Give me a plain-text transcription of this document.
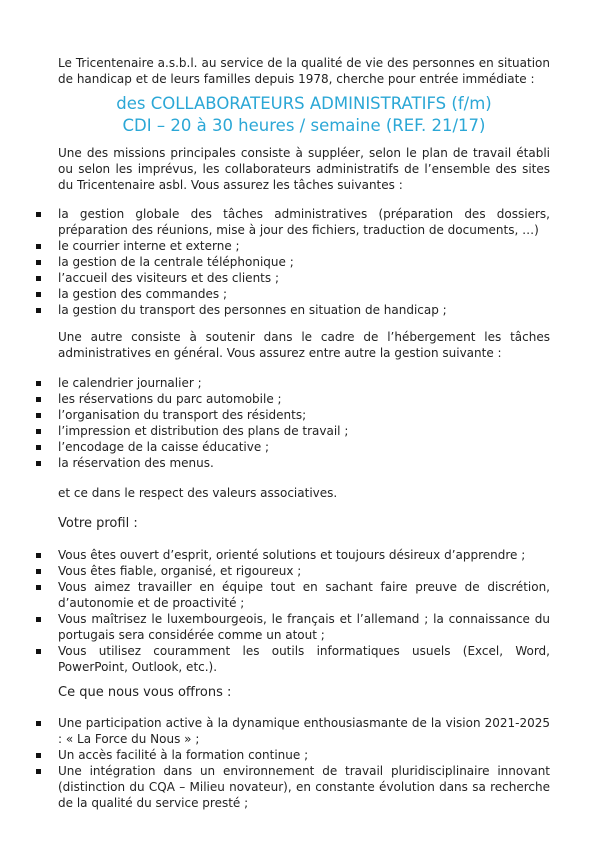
Le Tricentenaire a.s.b.l. au service de la qualité de vie des personnes en situation de handicap et de leurs familles depuis 1978, cherche pour entrée immédiate :

des COLLABORATEURS ADMINISTRATIFS (f/m)

CDI – 20 à 30 heures / semaine (REF. 21/17)

Une des missions principales consiste à suppléer, selon le plan de travail établi ou selon les imprévus, les collaborateurs administratifs de l’ensemble des sites du Tricentenaire asbl. Vous assurez les tâches suivantes :

la gestion globale des tâches administratives (préparation des dossiers, préparation des réunions, mise à jour des fichiers, traduction de documents, …)
le courrier interne et externe ;
la gestion de la centrale téléphonique ;
l’accueil des visiteurs et des clients ;
la gestion des commandes ;
la gestion du transport des personnes en situation de handicap ;

Une autre consiste à soutenir dans le cadre de l’hébergement les tâches administratives en général. Vous assurez entre autre la gestion suivante :

le calendrier journalier ;
les réservations du parc automobile ;
l’organisation du transport des résidents;
l’impression et distribution des plans de travail ;
l’encodage de la caisse éducative ;
la réservation des menus.

et ce dans le respect des valeurs associatives.

Votre profil :

Vous êtes ouvert d’esprit, orienté solutions et toujours désireux d’apprendre ;
Vous êtes fiable, organisé, et rigoureux ;
Vous aimez travailler en équipe tout en sachant faire preuve de discrétion, d’autonomie et de proactivité ;
Vous maîtrisez le luxembourgeois, le français et l’allemand ; la connaissance du portugais sera considérée comme un atout ;
Vous utilisez couramment les outils informatiques usuels (Excel, Word, PowerPoint, Outlook, etc.).

Ce que nous vous offrons :

Une participation active à la dynamique enthousiasmante de la vision 2021-2025 : « La Force du Nous » ;
Un accès facilité à la formation continue ;
Une intégration dans un environnement de travail pluridisciplinaire innovant (distinction du CQA – Milieu novateur), en constante évolution dans sa recherche de la qualité du service presté ;
